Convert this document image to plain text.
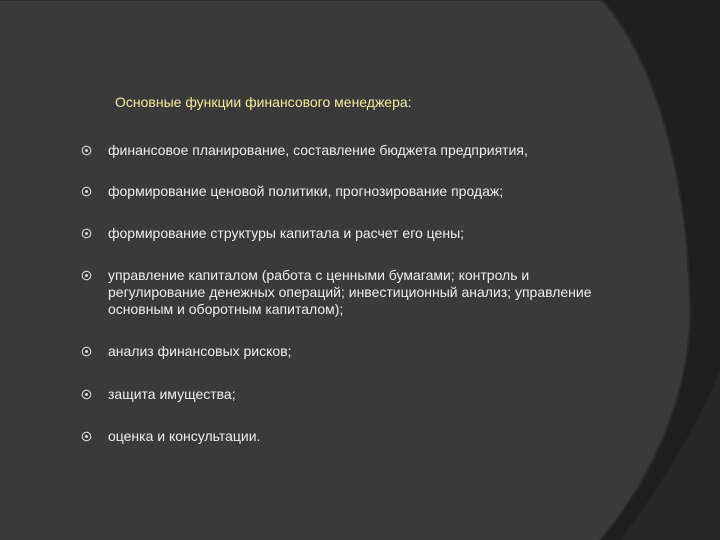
Основные функции финансового менеджера:
финансовое планирование, составление бюджета предприятия,
формирование ценовой политики, прогнозирование продаж;
формирование структуры капитала и расчет его цены;
управление капиталом (работа с ценными бумагами; контроль и регулирование денежных операций; инвестиционный анализ; управление основным и оборотным капиталом);
анализ финансовых рисков;
защита имущества;
оценка и консультации.
